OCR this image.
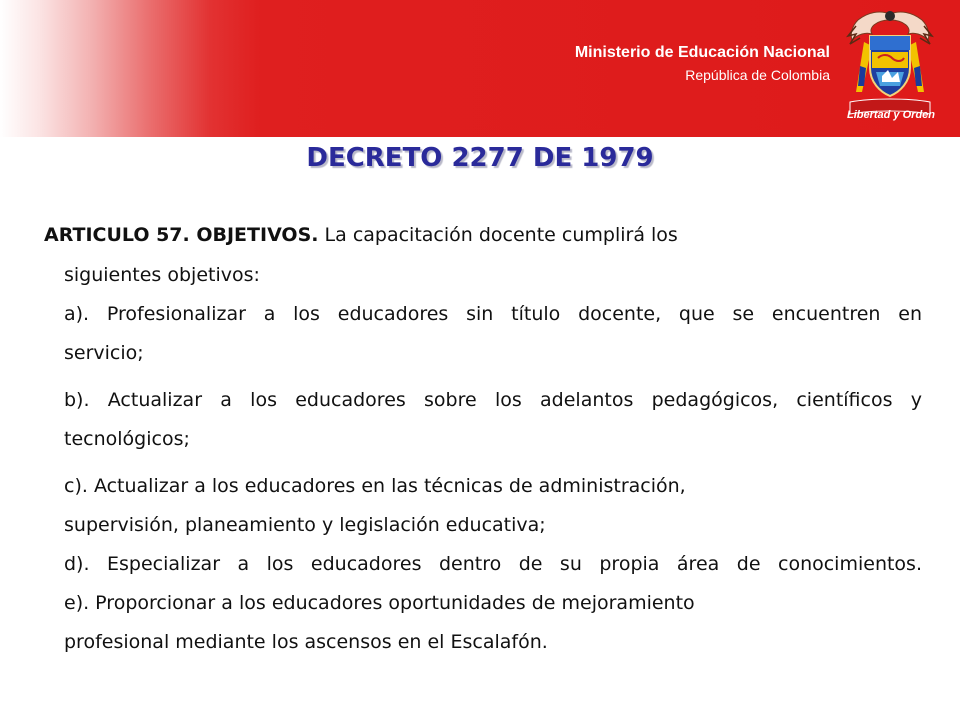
Ministerio de Educación Nacional
República de Colombia
Libertad y Orden
DECRETO 2277 DE 1979
ARTICULO 57. OBJETIVOS. La capacitación docente cumplirá los
siguientes objetivos:
a). Profesionalizar a los educadores sin título docente, que se encuentren en
servicio;
b). Actualizar a los educadores sobre los adelantos pedagógicos, científicos y
tecnológicos;
c). Actualizar a los educadores en las técnicas de administración,
supervisión, planeamiento y legislación educativa;
d). Especializar a los educadores dentro de su propia área de conocimientos.
e). Proporcionar a los educadores oportunidades de mejoramiento
profesional mediante los ascensos en el Escalafón.
